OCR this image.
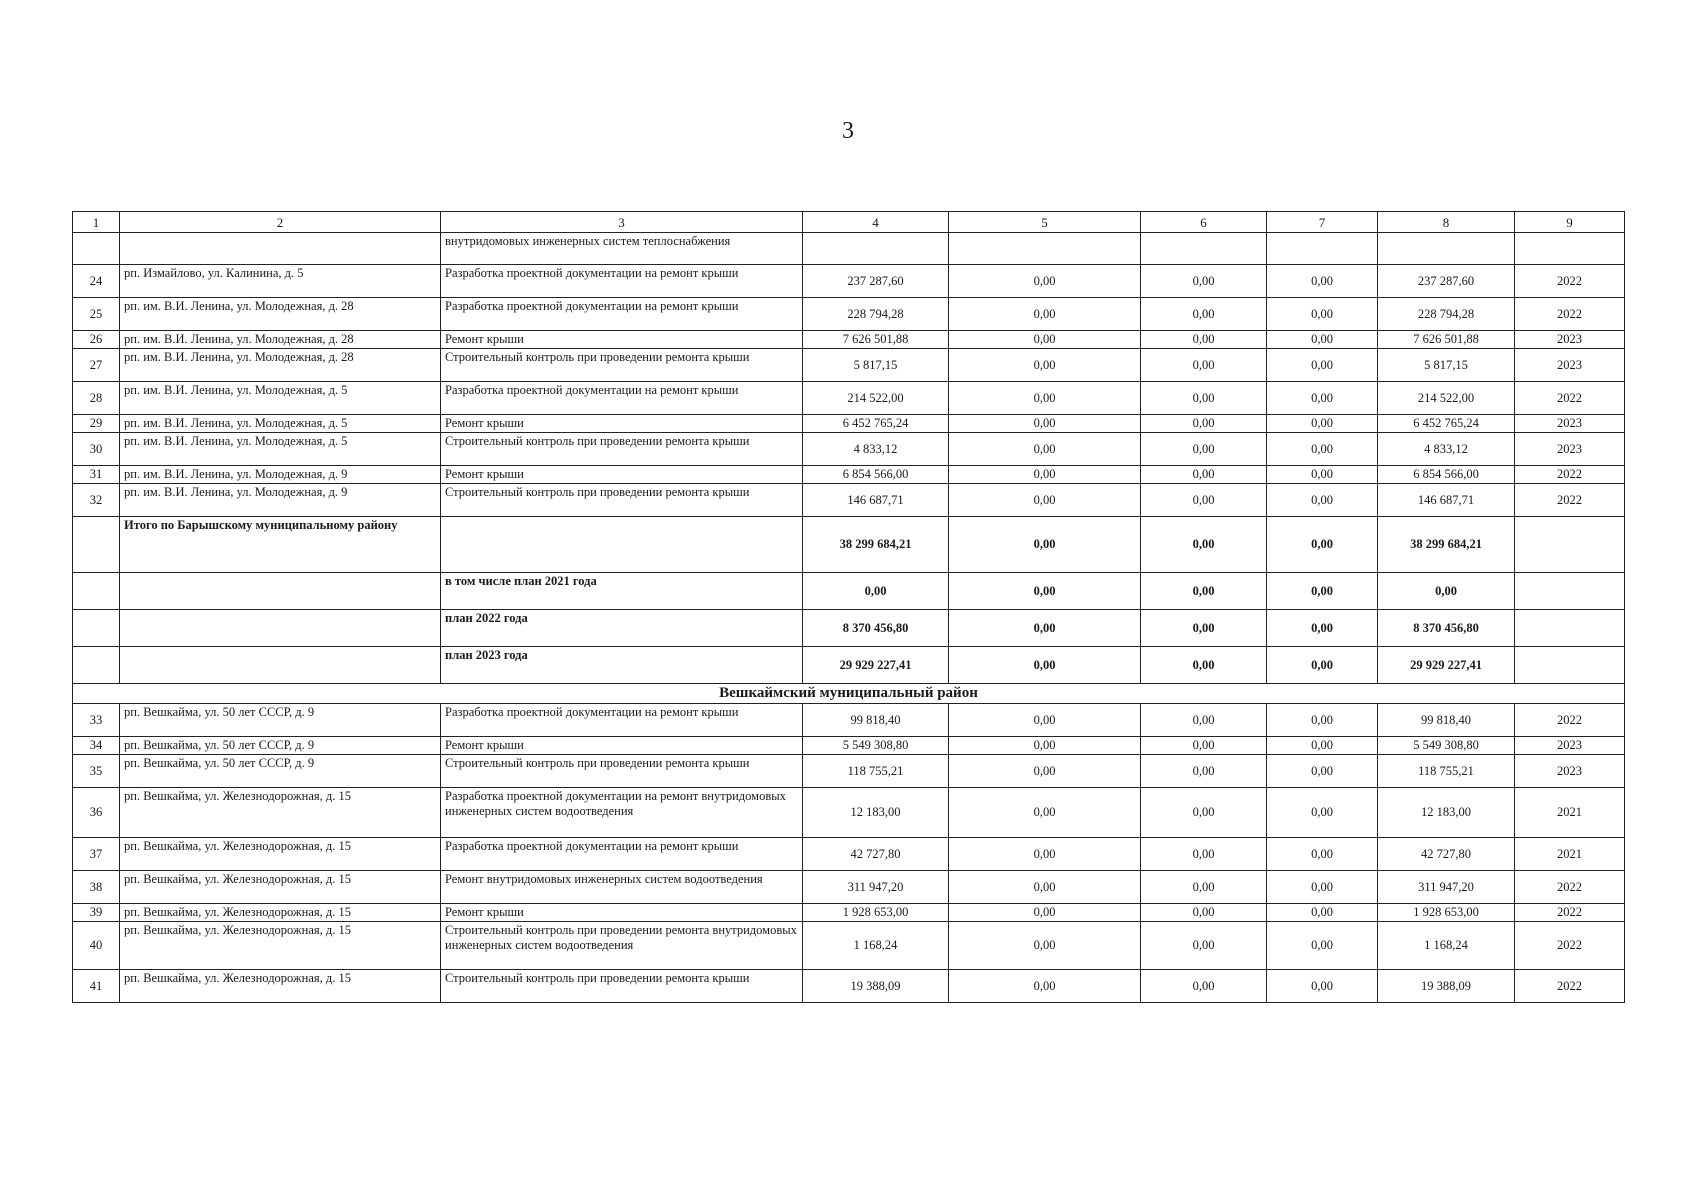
3
1	2	3	4	5	6	7	8	9
		внутридомовых инженерных систем теплоснабжения						
24	рп. Измайлово, ул. Калинина, д. 5	Разработка проектной документации на ремонт крыши	237 287,60	0,00	0,00	0,00	237 287,60	2022
25	рп. им. В.И. Ленина, ул. Молодежная, д. 28	Разработка проектной документации на ремонт крыши	228 794,28	0,00	0,00	0,00	228 794,28	2022
26	рп. им. В.И. Ленина, ул. Молодежная, д. 28	Ремонт крыши	7 626 501,88	0,00	0,00	0,00	7 626 501,88	2023
27	рп. им. В.И. Ленина, ул. Молодежная, д. 28	Строительный контроль при проведении ремонта крыши	5 817,15	0,00	0,00	0,00	5 817,15	2023
28	рп. им. В.И. Ленина, ул. Молодежная, д. 5	Разработка проектной документации на ремонт крыши	214 522,00	0,00	0,00	0,00	214 522,00	2022
29	рп. им. В.И. Ленина, ул. Молодежная, д. 5	Ремонт крыши	6 452 765,24	0,00	0,00	0,00	6 452 765,24	2023
30	рп. им. В.И. Ленина, ул. Молодежная, д. 5	Строительный контроль при проведении ремонта крыши	4 833,12	0,00	0,00	0,00	4 833,12	2023
31	рп. им. В.И. Ленина, ул. Молодежная, д. 9	Ремонт крыши	6 854 566,00	0,00	0,00	0,00	6 854 566,00	2022
32	рп. им. В.И. Ленина, ул. Молодежная, д. 9	Строительный контроль при проведении ремонта крыши	146 687,71	0,00	0,00	0,00	146 687,71	2022
	Итого по Барышскому муниципальному району		38 299 684,21	0,00	0,00	0,00	38 299 684,21	
		в том числе план 2021 года	0,00	0,00	0,00	0,00	0,00	
		план 2022 года	8 370 456,80	0,00	0,00	0,00	8 370 456,80	
		план 2023 года	29 929 227,41	0,00	0,00	0,00	29 929 227,41	
Вешкаймский муниципальный район								
33	рп. Вешкайма, ул. 50 лет СССР, д. 9	Разработка проектной документации на ремонт крыши	99 818,40	0,00	0,00	0,00	99 818,40	2022
34	рп. Вешкайма, ул. 50 лет СССР, д. 9	Ремонт крыши	5 549 308,80	0,00	0,00	0,00	5 549 308,80	2023
35	рп. Вешкайма, ул. 50 лет СССР, д. 9	Строительный контроль при проведении ремонта крыши	118 755,21	0,00	0,00	0,00	118 755,21	2023
36	рп. Вешкайма, ул. Железнодорожная, д. 15	Разработка проектной документации на ремонт внутридомовых инженерных систем водоотведения	12 183,00	0,00	0,00	0,00	12 183,00	2021
37	рп. Вешкайма, ул. Железнодорожная, д. 15	Разработка проектной документации на ремонт крыши	42 727,80	0,00	0,00	0,00	42 727,80	2021
38	рп. Вешкайма, ул. Железнодорожная, д. 15	Ремонт внутридомовых инженерных систем водоотведения	311 947,20	0,00	0,00	0,00	311 947,20	2022
39	рп. Вешкайма, ул. Железнодорожная, д. 15	Ремонт крыши	1 928 653,00	0,00	0,00	0,00	1 928 653,00	2022
40	рп. Вешкайма, ул. Железнодорожная, д. 15	Строительный контроль при проведении ремонта внутридомовых инженерных систем водоотведения	1 168,24	0,00	0,00	0,00	1 168,24	2022
41	рп. Вешкайма, ул. Железнодорожная, д. 15	Строительный контроль при проведении ремонта крыши	19 388,09	0,00	0,00	0,00	19 388,09	2022
